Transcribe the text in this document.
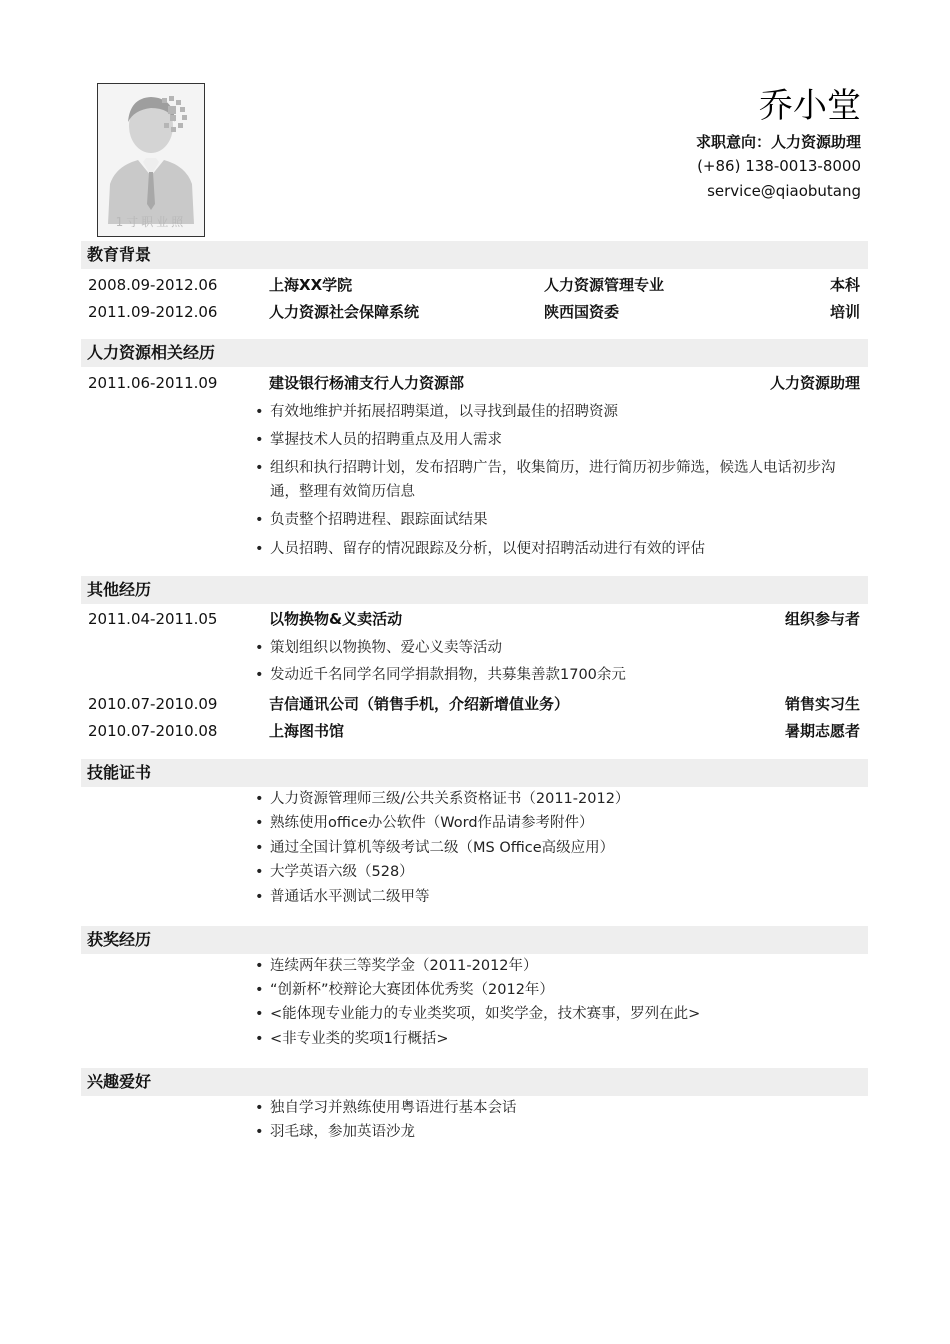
1寸职业照
乔小堂
求职意向：人力资源助理
(+86) 138-0013-8000
service@qiaobutang
教育背景
2008.09-2012.06	上海XX学院	人力资源管理专业	本科
2011.09-2012.06	人力资源社会保障系统	陕西国资委	培训
人力资源相关经历
2011.06-2011.09	建设银行杨浦支行人力资源部	人力资源助理
• 有效地维护并拓展招聘渠道，以寻找到最佳的招聘资源
• 掌握技术人员的招聘重点及用人需求
• 组织和执行招聘计划，发布招聘广告，收集简历，进行简历初步筛选，候选人电话初步沟通，整理有效简历信息
• 负责整个招聘进程、跟踪面试结果
• 人员招聘、留存的情况跟踪及分析，以便对招聘活动进行有效的评估
其他经历
2011.04-2011.05	以物换物&义卖活动	组织参与者
• 策划组织以物换物、爱心义卖等活动
• 发动近千名同学名同学捐款捐物，共募集善款1700余元
2010.07-2010.09	吉信通讯公司（销售手机，介绍新增值业务）	销售实习生
2010.07-2010.08	上海图书馆	暑期志愿者
技能证书
• 人力资源管理师三级/公共关系资格证书（2011-2012）
• 熟练使用office办公软件（Word作品请参考附件）
• 通过全国计算机等级考试二级（MS Office高级应用）
• 大学英语六级（528）
• 普通话水平测试二级甲等
获奖经历
• 连续两年获三等奖学金（2011-2012年）
• “创新杯”校辩论大赛团体优秀奖（2012年）
• <能体现专业能力的专业类奖项，如奖学金，技术赛事，罗列在此>
• <非专业类的奖项1行概括>
兴趣爱好
• 独自学习并熟练使用粤语进行基本会话
• 羽毛球，参加英语沙龙
